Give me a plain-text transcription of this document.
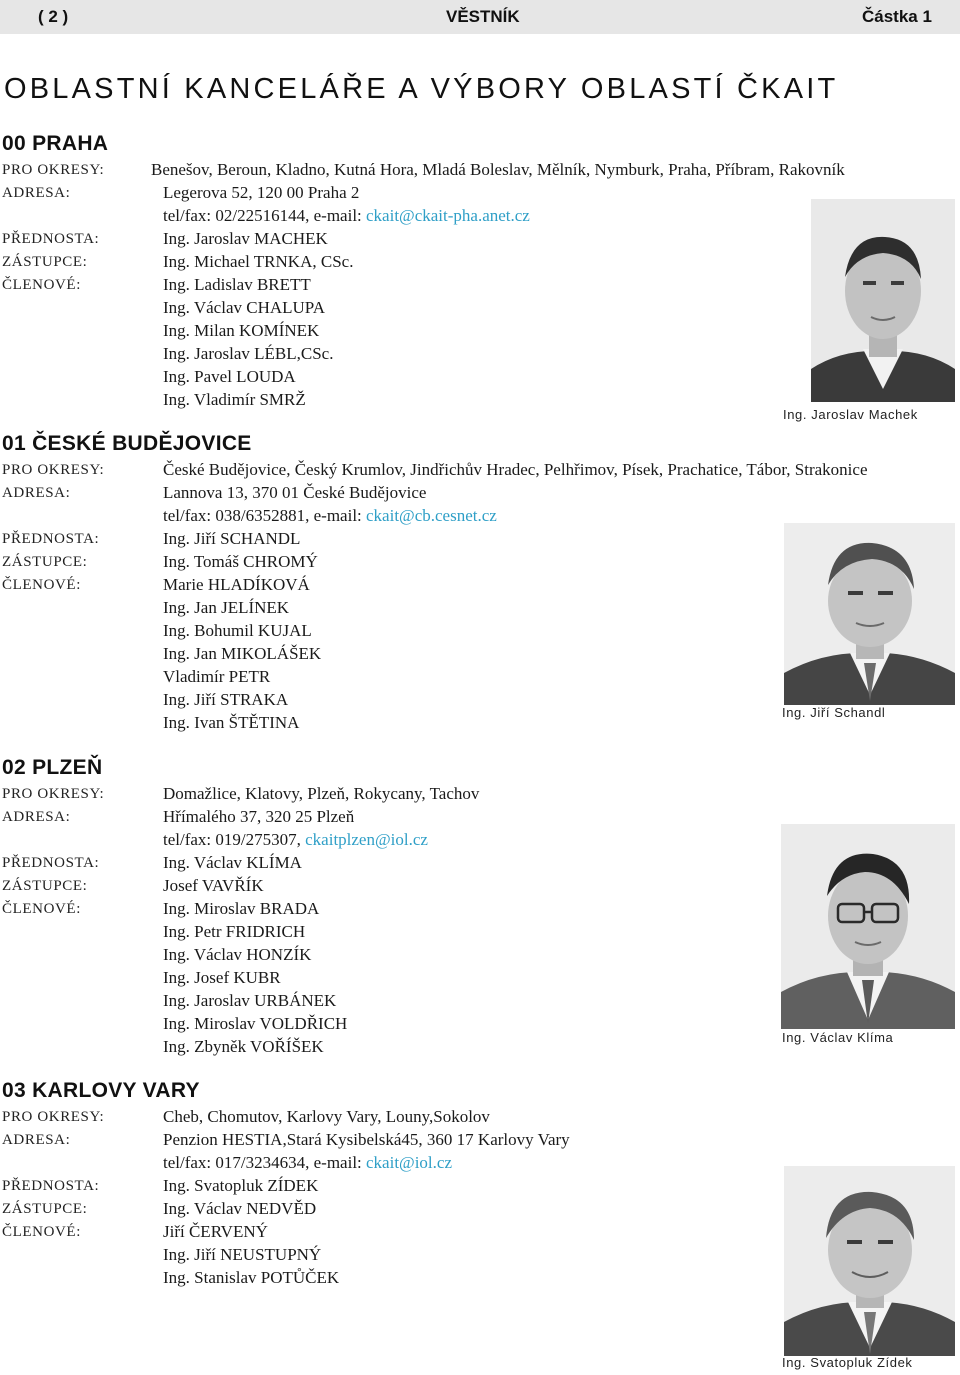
( 2 )	VĚSTNÍK	Částka 1
OBLASTNÍ KANCELÁŘE A VÝBORY OBLASTÍ ČKAIT
00 PRAHA
PRO OKRESY:	Benešov, Beroun, Kladno, Kutná Hora, Mladá Boleslav, Mělník, Nymburk, Praha, Příbram, Rakovník
ADRESA:	Legerova 52, 120 00 Praha 2
tel/fax: 02/22516144, e-mail: ckait@ckait-pha.anet.cz
PŘEDNOSTA:	Ing. Jaroslav MACHEK
ZÁSTUPCE:	Ing. Michael TRNKA, CSc.
ČLENOVÉ:	Ing. Ladislav BRETT
Ing. Václav CHALUPA
Ing. Milan KOMÍNEK
Ing. Jaroslav LÉBL,CSc.
Ing. Pavel LOUDA
Ing. Vladimír SMRŽ
Ing. Jaroslav Machek
01 ČESKÉ BUDĚJOVICE
PRO OKRESY:	České Budějovice, Český Krumlov, Jindřichův Hradec, Pelhřimov, Písek, Prachatice, Tábor, Strakonice
ADRESA:	Lannova 13, 370 01 České Budějovice
tel/fax: 038/6352881, e-mail: ckait@cb.cesnet.cz
PŘEDNOSTA:	Ing. Jiří SCHANDL
ZÁSTUPCE:	Ing. Tomáš CHROMÝ
ČLENOVÉ:	Marie HLADÍKOVÁ
Ing. Jan JELÍNEK
Ing. Bohumil KUJAL
Ing. Jan MIKOLÁŠEK
Vladimír PETR
Ing. Jiří STRAKA
Ing. Ivan ŠTĚTINA
Ing. Jiří Schandl
02 PLZEŇ
PRO OKRESY:	Domažlice, Klatovy, Plzeň, Rokycany, Tachov
ADRESA:	Hřímalého 37, 320 25 Plzeň
tel/fax: 019/275307, ckaitplzen@iol.cz
PŘEDNOSTA:	Ing. Václav KLÍMA
ZÁSTUPCE:	Josef VAVŘÍK
ČLENOVÉ:	Ing. Miroslav BRADA
Ing. Petr FRIDRICH
Ing. Václav HONZÍK
Ing. Josef KUBR
Ing. Jaroslav URBÁNEK
Ing. Miroslav VOLDŘICH
Ing. Zbyněk VOŘÍŠEK	Ing. Václav Klíma
03 KARLOVY VARY
PRO OKRESY:	Cheb, Chomutov, Karlovy Vary, Louny,Sokolov
ADRESA:	Penzion HESTIA,Stará Kysibelská45, 360 17 Karlovy Vary
tel/fax: 017/3234634, e-mail: ckait@iol.cz
PŘEDNOSTA:	Ing. Svatopluk ZÍDEK
ZÁSTUPCE:	Ing. Václav NEDVĚD
ČLENOVÉ:	Jiří ČERVENÝ
Ing. Jiří NEUSTUPNÝ
Ing. Stanislav POTŮČEK
Ing. Svatopluk Zídek
